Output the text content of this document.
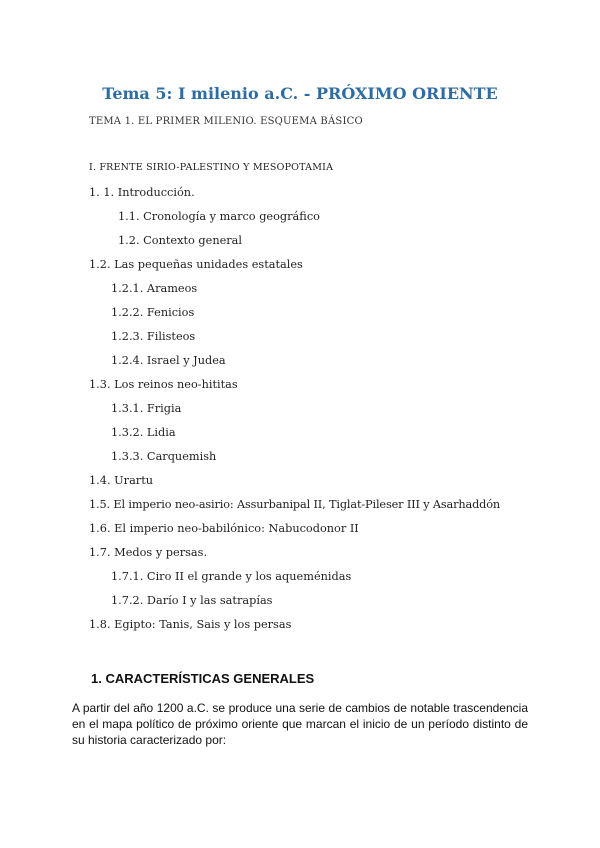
Tema 5: I milenio a.C. - PRÓXIMO ORIENTE

TEMA 1. EL PRIMER MILENIO. ESQUEMA BÁSICO

I. FRENTE SIRIO-PALESTINO Y MESOPOTAMIA
1. 1. Introducción.
1.1. Cronología y marco geográfico
1.2. Contexto general
1.2. Las pequeñas unidades estatales
1.2.1. Arameos
1.2.2. Fenicios
1.2.3. Filisteos
1.2.4. Israel y Judea
1.3. Los reinos neo-hititas
1.3.1. Frigia
1.3.2. Lidia
1.3.3. Carquemish
1.4. Urartu
1.5. El imperio neo-asirio: Assurbanipal II, Tiglat-Pileser III y Asarhaddón
1.6. El imperio neo-babilónico: Nabucodonor II
1.7. Medos y persas.
1.7.1. Ciro II el grande y los aqueménidas
1.7.2. Darío I y las satrapías
1.8. Egipto: Tanis, Sais y los persas
1. CARACTERÍSTICAS GENERALES

A partir del año 1200 a.C. se produce una serie de cambios de notable trascendencia en el mapa político de próximo oriente que marcan el inicio de un período distinto de su historia caracterizado por:
